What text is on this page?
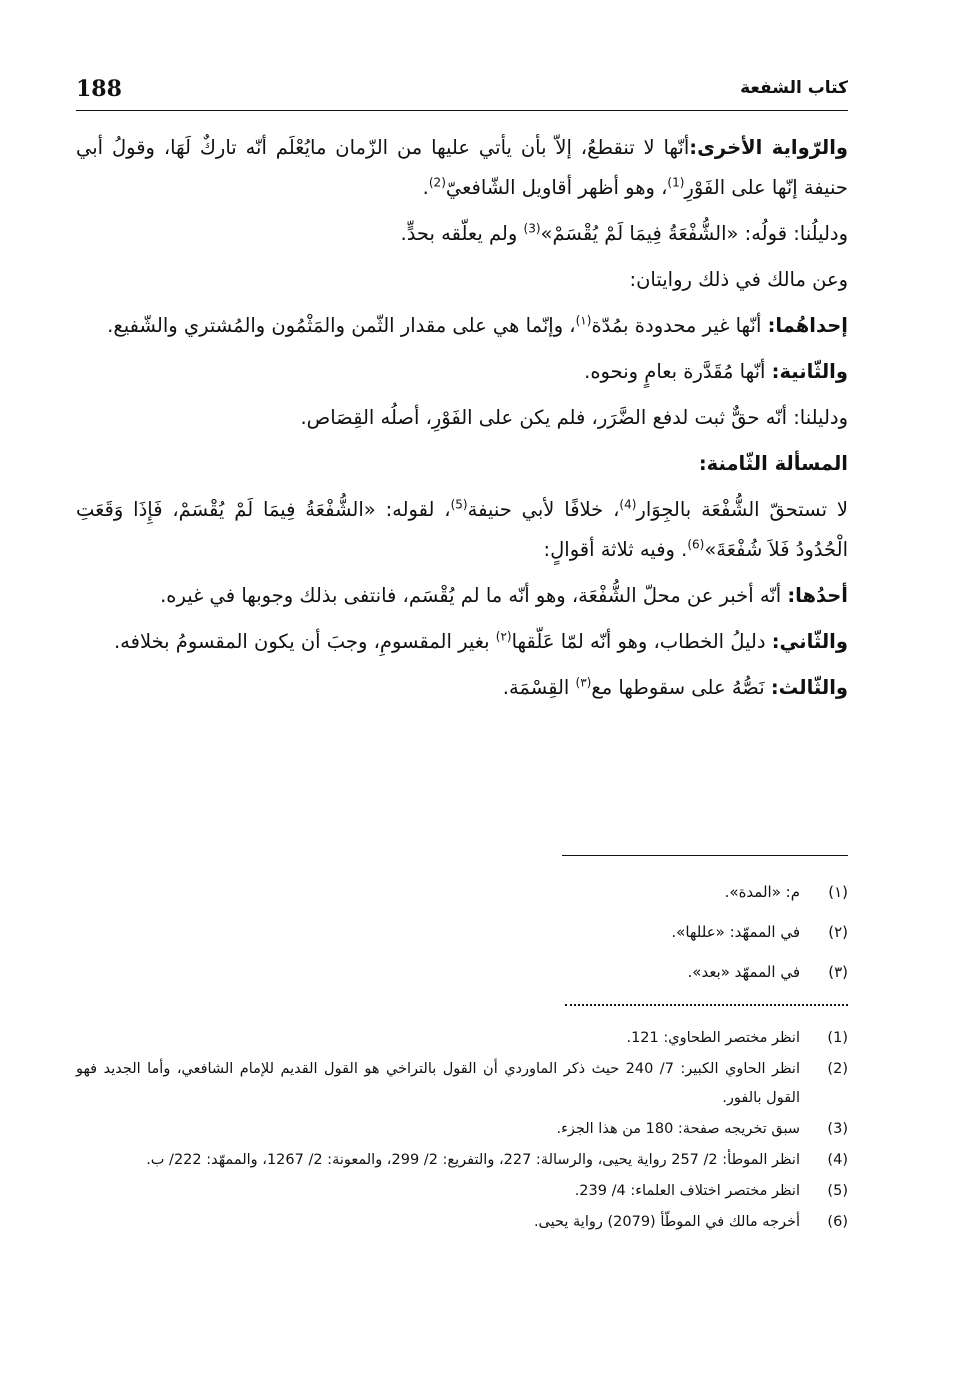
188	كتاب الشفعة

والرّواية الأخرى:أنّها لا تنقطعُ، إلاّ بأن يأتي عليها من الزّمان مايُعْلَم أنّه تاركٌ لَهَا، وقولُ أبي حنيفة إنّها على الفَوْرِ$^{(1)}$، وهو أظهر أقاويل الشّافعيّ$^{(2)}$.

ودليلُنا: قولُه: «الشُّفْعَةُ فِيمَا لَمْ يُقْسَمْ»$^{(3)}$ ولم يعلّقه بحدٍّ.

وعن مالك في ذلك روايتان:

إحداهُما: أنّها غير محدودة بمُدّة$^{(١)}$، وإنّما هي على مقدار الثّمن والمَثْمُون والمُشتري والشّفيع.

والثّانية: أنّها مُقَدَّرة بعامٍ ونحوه.

ودليلنا: أنّه حقٌّ ثبت لدفع الضَّرَر، فلم يكن على الفَوْرِ، أصلُه القِصَاص.

المسألة الثّامنة:

لا تستحقّ الشُّفْعَة بالجِوَار$^{(4)}$، خلافًا لأبي حنيفة$^{(5)}$، لقوله: «الشُّفْعَةُ فِيمَا لَمْ يُقْسَمْ، فَإِذَا وَقَعَتِ الْحُدُودُ فَلاَ شُفْعَةَ»$^{(6)}$. وفيه ثلاثة أقوالٍ:

أحدُها: أنّه أخبر عن محلّ الشُّفْعَة، وهو أنّه ما لم يُقْسَم، فانتفى بذلك وجوبها في غيره.

والثّاني: دليلُ الخطاب، وهو أنّه لمّا عَلّقها$^{(٢)}$ بغير المقسومِ، وجبَ أن يكون المقسومُ بخلافه.

والثّالث: نَصُّهُ على سقوطها مع$^{(٣)}$ القِسْمَة.

(١)
م: «المدة».
(٢)
في الممهّد: «عللها».
(٣)
في الممهّد «بعد».
(1)
انظر مختصر الطحاوي: 121.
(2)
انظر الحاوي الكبير: 7/ 240 حيث ذكر الماوردي أن القول بالتراخي هو القول القديم للإمام الشافعي، وأما الجديد فهو القول بالفور.
(3)
سبق تخريجه صفحة: 180 من هذا الجزء.
(4)
انظر الموطأ: 2/ 257 رواية يحيى، والرسالة: 227، والتفريع: 2/ 299، والمعونة: 2/ 1267، والممهّد: 222/ ب.
(5)
انظر مختصر اختلاف العلماء: 4/ 239.
(6)
أخرجه مالك في الموطّأ (2079) رواية يحيى.
